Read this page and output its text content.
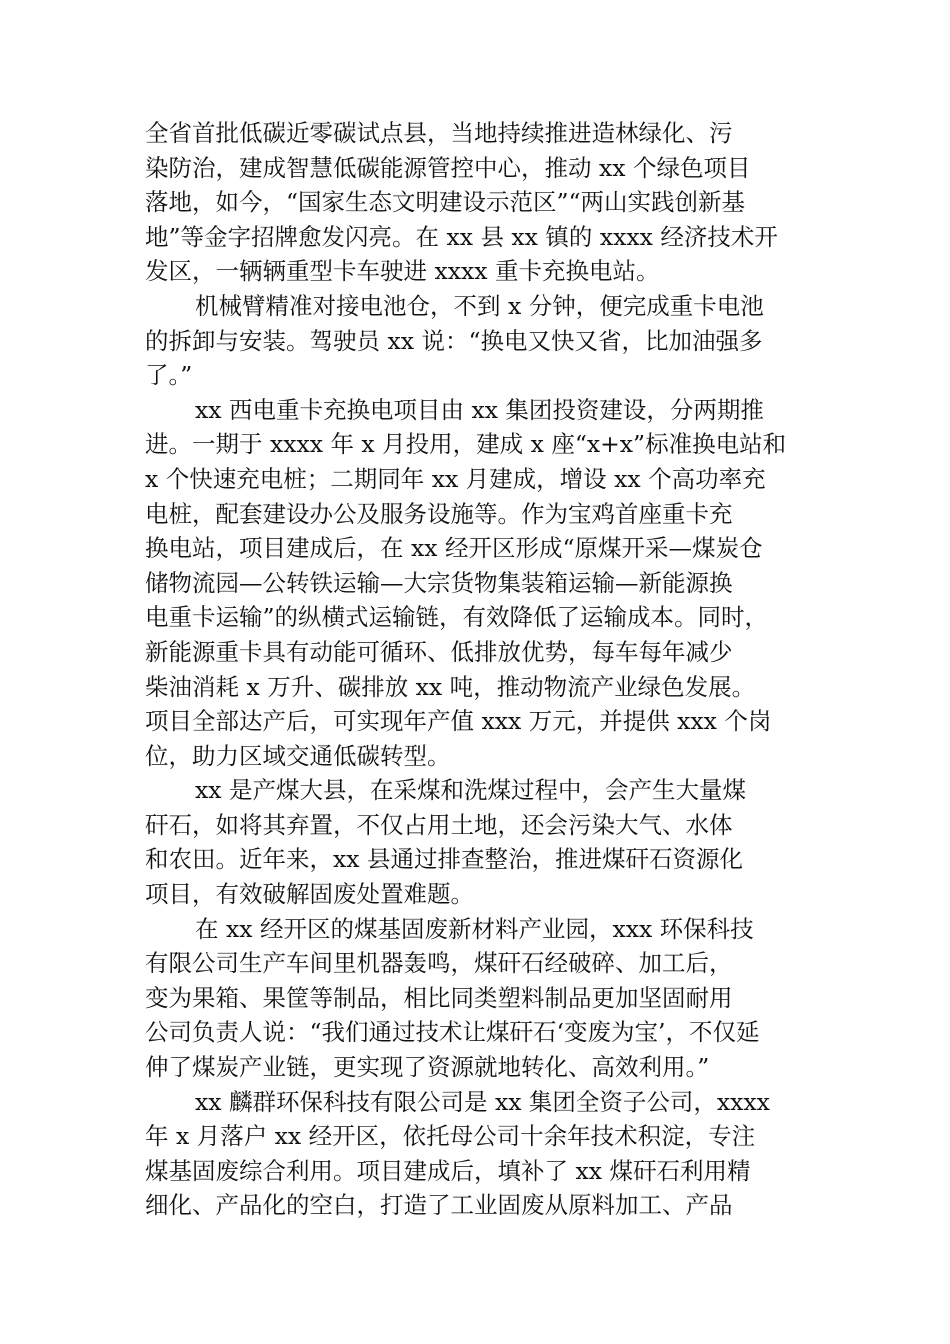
全省首批低碳近零碳试点县，当地持续推进造林绿化、污
染防治，建成智慧低碳能源管控中心，推动 xx 个绿色项目
落地，如今，“国家生态文明建设示范区”“两山实践创新基
地”等金字招牌愈发闪亮。在 xx 县 xx 镇的 xxxx 经济技术开
发区，一辆辆重型卡车驶进 xxxx 重卡充换电站。
机械臂精准对接电池仓，不到 x 分钟，便完成重卡电池
的拆卸与安装。驾驶员 xx 说：“换电又快又省，比加油强多
了。”
xx 西电重卡充换电项目由 xx 集团投资建设，分两期推
进。一期于 xxxx 年 x 月投用，建成 x 座“x+x”标准换电站和
x 个快速充电桩；二期同年 xx 月建成，增设 xx 个高功率充
电桩，配套建设办公及服务设施等。作为宝鸡首座重卡充
换电站，项目建成后，在 xx 经开区形成“原煤开采—煤炭仓
储物流园—公转铁运输—大宗货物集装箱运输—新能源换
电重卡运输”的纵横式运输链，有效降低了运输成本。同时，
新能源重卡具有动能可循环、低排放优势，每车每年减少
柴油消耗 x 万升、碳排放 xx 吨，推动物流产业绿色发展。
项目全部达产后，可实现年产值 xxx 万元，并提供 xxx 个岗
位，助力区域交通低碳转型。
xx 是产煤大县，在采煤和洗煤过程中，会产生大量煤
矸石，如将其弃置，不仅占用土地，还会污染大气、水体
和农田。近年来，xx 县通过排查整治，推进煤矸石资源化
项目，有效破解固废处置难题。
在 xx 经开区的煤基固废新材料产业园，xxx 环保科技
有限公司生产车间里机器轰鸣，煤矸石经破碎、加工后，
变为果箱、果筐等制品，相比同类塑料制品更加坚固耐用
公司负责人说：“我们通过技术让煤矸石‘变废为宝’，不仅延
伸了煤炭产业链，更实现了资源就地转化、高效利用。”
xx 麟群环保科技有限公司是 xx 集团全资子公司，xxxx
年 x 月落户 xx 经开区，依托母公司十余年技术积淀，专注
煤基固废综合利用。项目建成后，填补了 xx 煤矸石利用精
细化、产品化的空白，打造了工业固废从原料加工、产品
